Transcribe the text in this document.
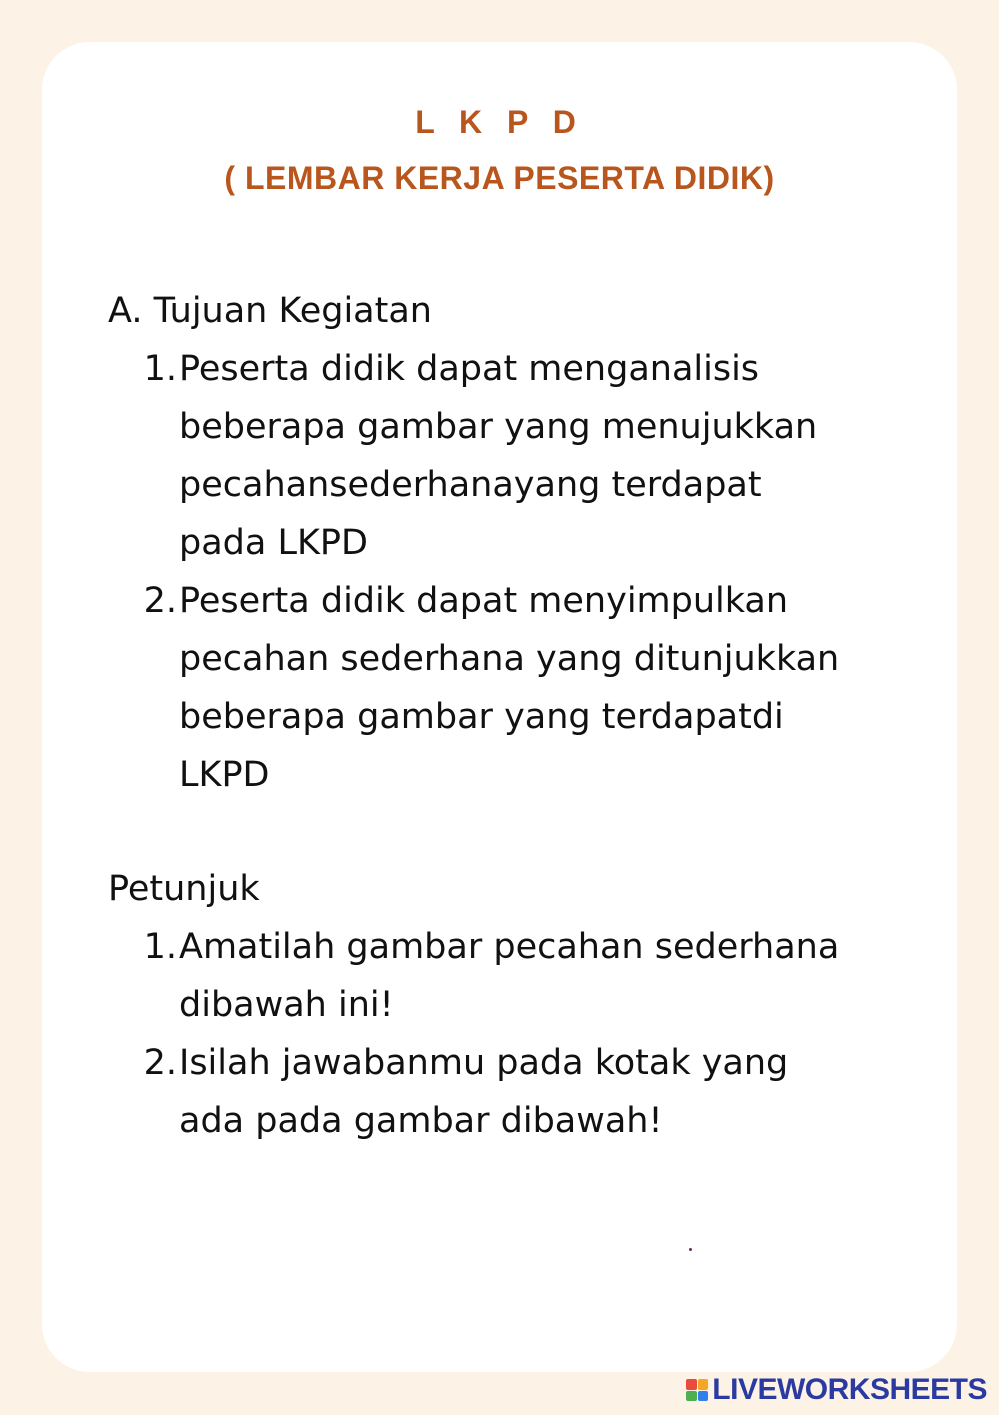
L K P D
( LEMBAR KERJA PESERTA DIDIK)
A. Tujuan Kegiatan
1. Peserta didik dapat menganalisis
beberapa gambar yang menujukkan
pecahansederhanayang terdapat
pada LKPD
2. Peserta didik dapat menyimpulkan
pecahan sederhana yang ditunjukkan
beberapa gambar yang terdapatdi
LKPD
Petunjuk
1. Amatilah gambar pecahan sederhana
dibawah ini!
2. Isilah jawabanmu pada kotak yang
ada pada gambar dibawah!
LIVEWORKSHEETS
